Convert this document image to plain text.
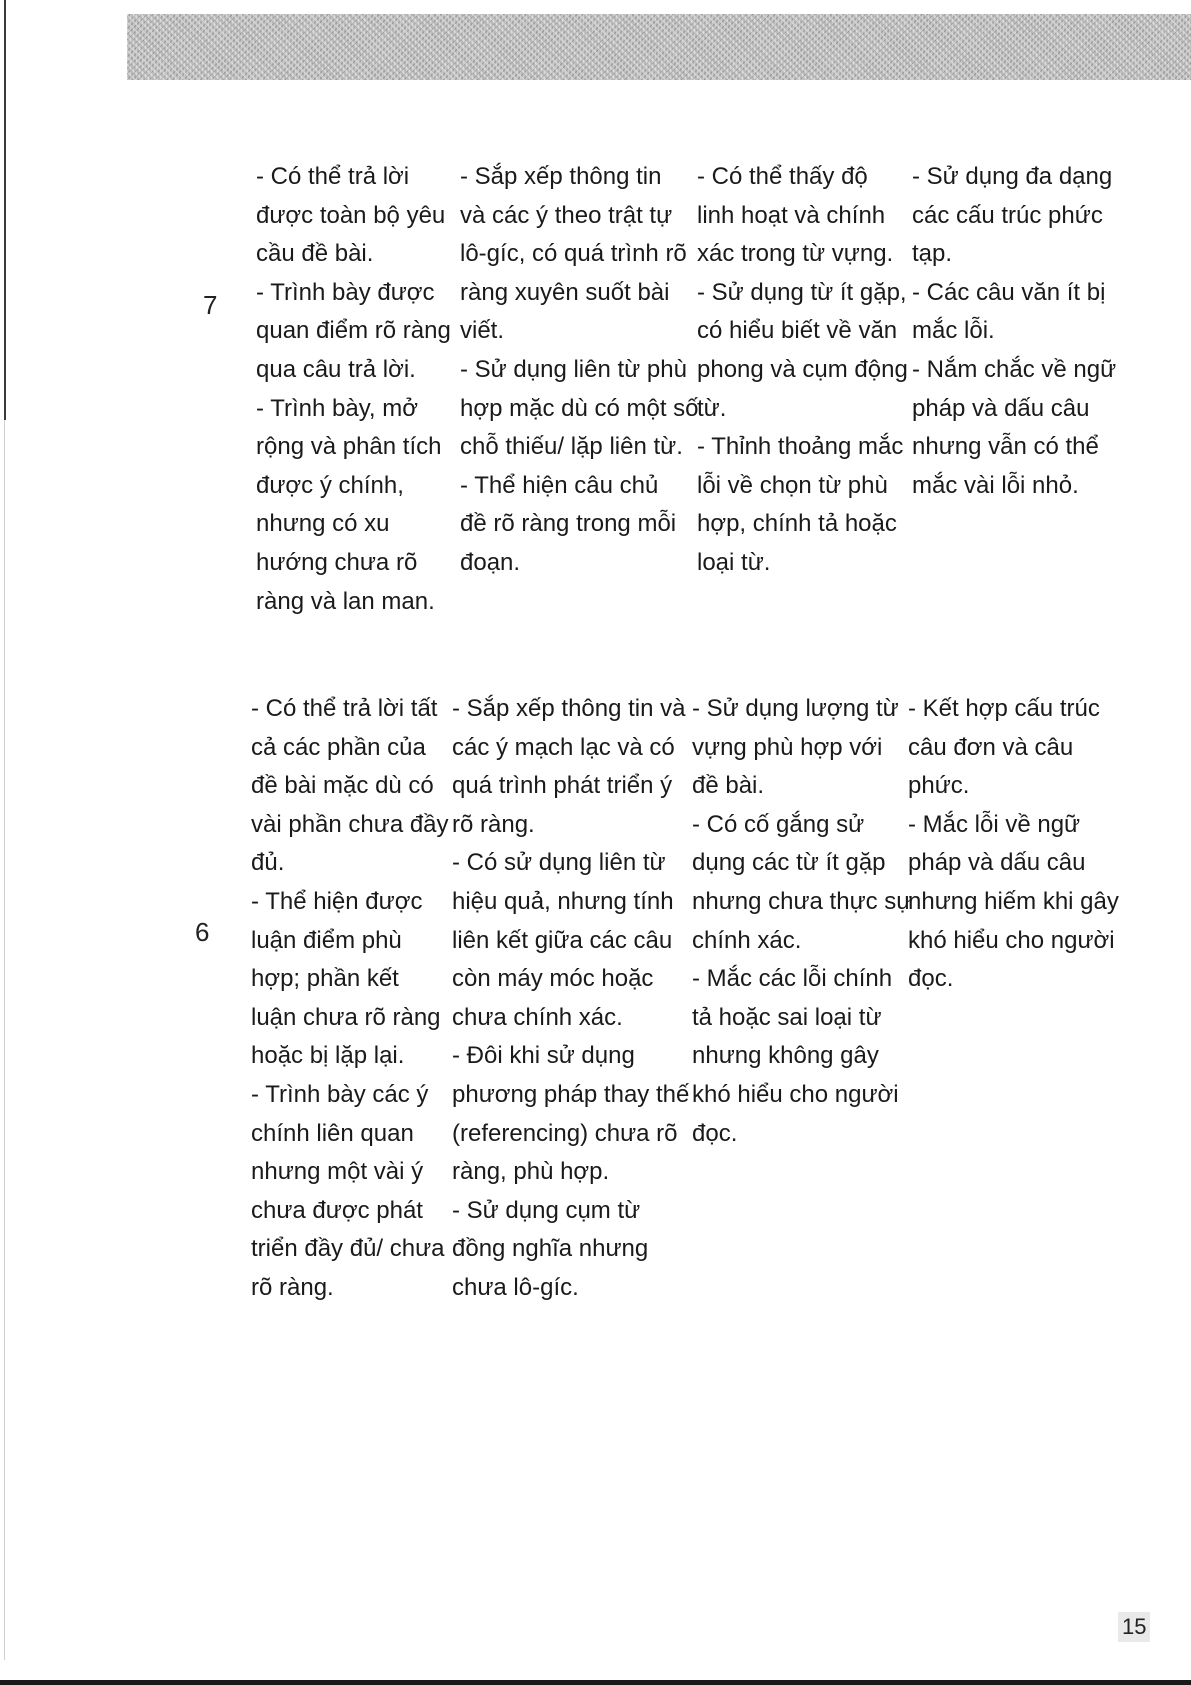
7
- Có thể trả lời
được toàn bộ yêu
cầu đề bài.
- Trình bày được
quan điểm rõ ràng
qua câu trả lời.
- Trình bày, mở
rộng và phân tích
được ý chính,
nhưng có xu
hướng chưa rõ
ràng và lan man.
- Sắp xếp thông tin
và các ý theo trật tự
lô-gíc, có quá trình rõ
ràng xuyên suốt bài
viết.
- Sử dụng liên từ phù
hợp mặc dù có một số
chỗ thiếu/ lặp liên từ.
- Thể hiện câu chủ
đề rõ ràng trong mỗi
đoạn.
- Có thể thấy độ
linh hoạt và chính
xác trong từ vựng.
- Sử dụng từ ít gặp,
có hiểu biết về văn
phong và cụm động
từ.
- Thỉnh thoảng mắc
lỗi về chọn từ phù
hợp, chính tả hoặc
loại từ.
- Sử dụng đa dạng
các cấu trúc phức
tạp.
- Các câu văn ít bị
mắc lỗi.
- Nắm chắc về ngữ
pháp và dấu câu
nhưng vẫn có thể
mắc vài lỗi nhỏ.
6
- Có thể trả lời tất
cả các phần của
đề bài mặc dù có
vài phần chưa đầy
đủ.
- Thể hiện được
luận điểm phù
hợp; phần kết
luận chưa rõ ràng
hoặc bị lặp lại.
- Trình bày các ý
chính liên quan
nhưng một vài ý
chưa được phát
triển đầy đủ/ chưa
rõ ràng.
- Sắp xếp thông tin và
các ý mạch lạc và có
quá trình phát triển ý
rõ ràng.
- Có sử dụng liên từ
hiệu quả, nhưng tính
liên kết giữa các câu
còn máy móc hoặc
chưa chính xác.
- Đôi khi sử dụng
phương pháp thay thế
(referencing) chưa rõ
ràng, phù hợp.
- Sử dụng cụm từ
đồng nghĩa nhưng
chưa lô-gíc.
- Sử dụng lượng từ
vựng phù hợp với
đề bài.
- Có cố gắng sử
dụng các từ ít gặp
nhưng chưa thực sự
chính xác.
- Mắc các lỗi chính
tả hoặc sai loại từ
nhưng không gây
khó hiểu cho người
đọc.
- Kết hợp cấu trúc
câu đơn và câu
phức.
- Mắc lỗi về ngữ
pháp và dấu câu
nhưng hiếm khi gây
khó hiểu cho người
đọc.
15
